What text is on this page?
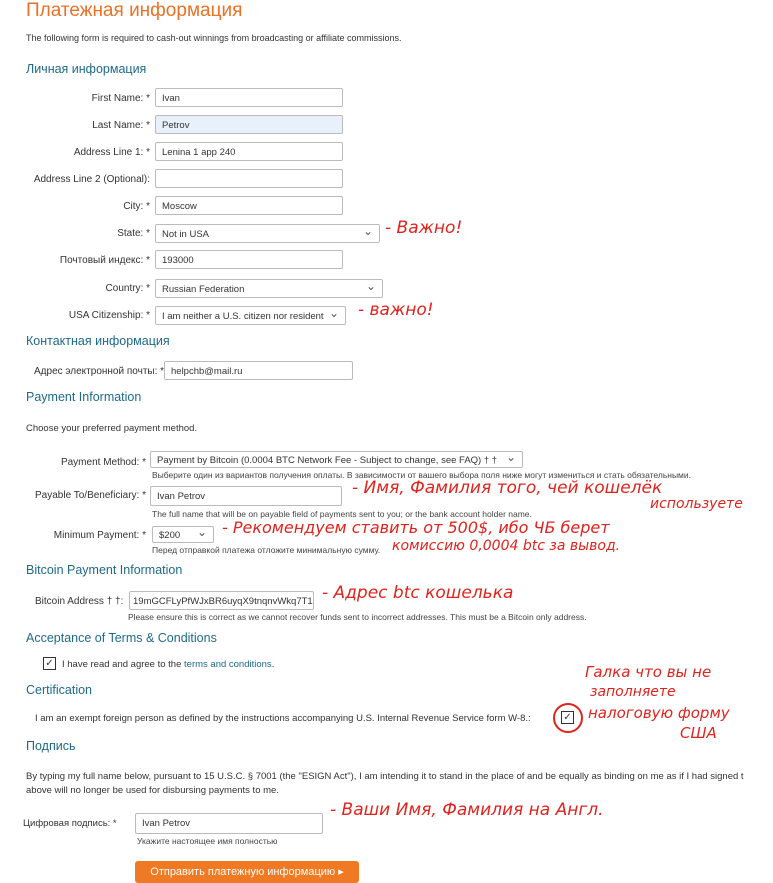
Платежная информация
The following form is required to cash-out winnings from broadcasting or affiliate commissions.
Личная информация
First Name: *	Ivan
Last Name: *	Petrov
Address Line 1: *	Lenina 1 app 240
Address Line 2 (Optional):
City: *	Moscow
State: *	Not in USA ⌄	- Важно!
Почтовый индекс: *	193000
Country: *	Russian Federation ⌄
USA Citizenship: *	I am neither a U.S. citizen nor resident ⌄	- важно!
Контактная информация
Адрес электронной почты: * helpchb@mail.ru
Payment Information
Choose your preferred payment method.
Payment Method: *	Payment by Bitcoin (0.0004 BTC Network Fee - Subject to change, see FAQ) † † ⌄
Выберите один из вариантов получения оплаты. В зависимости от вашего выбора поля ниже могут измениться и стать обязательными.
Payable To/Beneficiary: *	Ivan Petrov
The full name that will be on payable field of payments sent to you; or the bank account holder name.
- Имя, Фамилия того, чей кошелёк
используете
Minimum Payment: *	$200 ⌄
Перед отправкой платежа отложите минимальную сумму.
- Рекомендуем ставить от 500$, ибо ЧБ берет
комиссию 0,0004 btc за вывод.
Bitcoin Payment Information
Bitcoin Address † †:	19mGCFLyPfWJxBR6uyqX9tnqnvWkq7T1 - Адрес btc кошелька
Please ensure this is correct as we cannot recover funds sent to incorrect addresses. This must be a Bitcoin only address.
Acceptance of Terms & Conditions
✓ I have read and agree to the terms and conditions.
Certification
I am an exempt foreign person as defined by the instructions accompanying U.S. Internal Revenue Service form W-8.:	✓
Галка что вы не
заполняете
налоговую форму
США
Подпись
By typing my full name below, pursuant to 15 U.S.C. § 7001 (the "ESIGN Act"), I am intending it to stand in the place of and be equally as binding on me as if I had signed t
above will no longer be used for disbursing payments to me.
Цифровая подпись: *	Ivan Petrov
Укажите настоящее имя полностью
- Ваши Имя, Фамилия на Англ.
Отправить платежную информацию ▸
